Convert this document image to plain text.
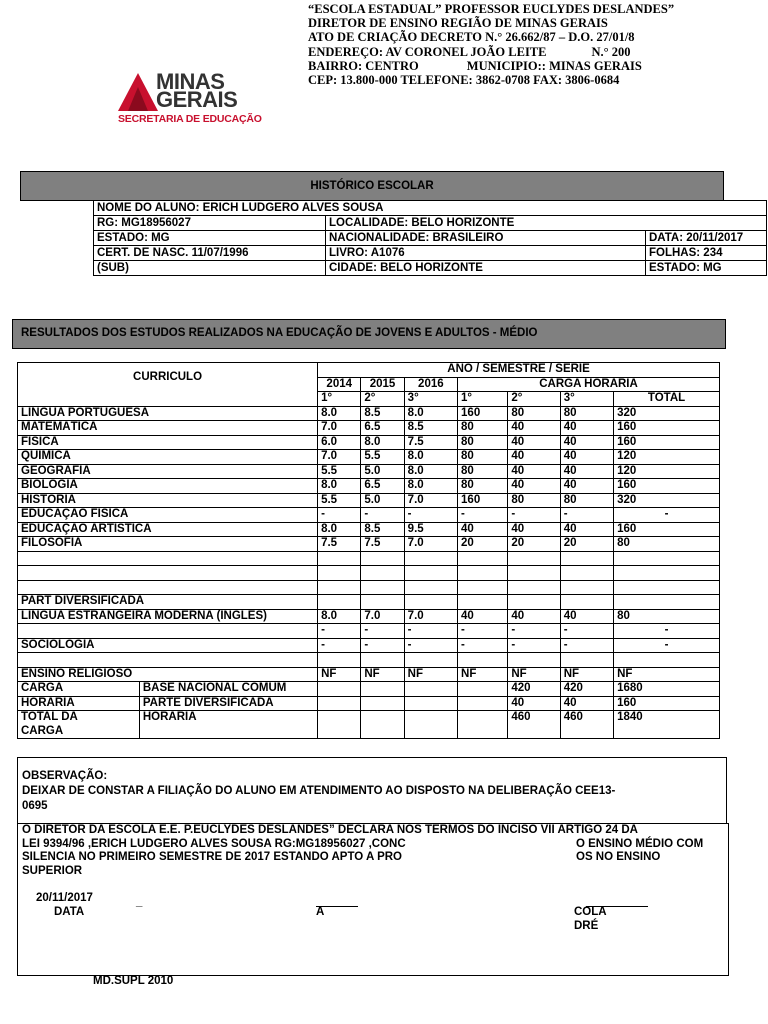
“ESCOLA ESTADUAL” PROFESSOR EUCLYDES DESLANDES”
DIRETOR DE ENSINO REGIÃO DE MINAS GERAIS
ATO DE CRIAÇÃO DECRETO N.° 26.662/87 – D.O. 27/01/8
ENDEREÇO: AV CORONEL JOÃO LEITE	N.° 200
BAIRRO: CENTRO	MUNICIPIO:: MINAS GERAIS
CEP: 13.800-000 TELEFONE: 3862-0708 FAX: 3806-0684
MINAS
GERAIS
SECRETARIA DE EDUCAÇÃO
HISTÓRICO ESCOLAR
NOME DO ALUNO: ERICH LUDGERO ALVES SOUSA		
RG: MG18956027	LOCALIDADE: BELO HORIZONTE	
ESTADO: MG	NACIONALIDADE: BRASILEIRO	DATA: 20/11/2017
CERT. DE NASC. 11/07/1996	LIVRO: A1076	FOLHAS: 234
(SUB)	CIDADE: BELO HORIZONTE	ESTADO: MG
RESULTADOS DOS ESTUDOS REALIZADOS NA EDUCAÇÃO DE JOVENS E ADULTOS - MÉDIO
CURRICULO		ANO / SEMESTRE / SÉRIE						
		2014	2015	2016	CARGA HORÁRIA			
		1°	2°	3°	1°	2°	3°	TOTAL
LÍNGUA PORTUGUESA		8.0	8.5	8.0	160	80	80	320
MATEMÁTICA		7.0	6.5	8.5	80	40	40	160
FÍSICA		6.0	8.0	7.5	80	40	40	160
QUÍMICA		7.0	5.5	8.0	80	40	40	120
GEOGRAFIA		5.5	5.0	8.0	80	40	40	120
BIOLOGIA		8.0	6.5	8.0	80	40	40	160
HISTÓRIA		5.5	5.0	7.0	160	80	80	320
EDUCAÇÃO FÍSICA		-	-	-	-	-	-	-
EDUCAÇÃO ARTÍSTICA		8.0	8.5	9.5	40	40	40	160
FILOSOFIA		7.5	7.5	7.0	20	20	20	80

PART DIVERSIFICADA								
LÍNGUA ESTRANGEIRA MODERNA (INGLES)		8.0	7.0	7.0	40	40	40	80
		-	-	-	-	-	-	-
SOCIOLOGIA		-	-	-	-	-	-	-

ENSINO RELIGIOSO		NF	NF	NF	NF	NF	NF	NF
CARGA	BASE NACIONAL COMUM					420	420	1680
HORÁRIA	PARTE DIVERSIFICADA					40	40	160

TOTAL DA
CARGA	HORÁRIA					460	460	1840
OBSERVAÇÃO:
DEIXAR DE CONSTAR A FILIAÇÃO DO ALUNO EM ATENDIMENTO AO DISPOSTO NA DELIBERAÇÃO CEE13-
0695
O DIRETOR DA ESCOLA E.E. P.EUCLYDES DESLANDES” DECLARA NOS TERMOS DO INCISO VII ARTIGO 24 DA
LEI 9394/96 ,ERICH LUDGERO ALVES SOUSA RG:MG18956027 ,CONC	O ENSINO MÉDIO COM
SILENCIA NO PRIMEIRO SEMESTRE DE 2017 ESTANDO APTO A PRO	OS NO ENSINO
SUPERIOR
20/11/2017
DATA
_
A	COLA
DRÉ
MD.SUPL 2010
